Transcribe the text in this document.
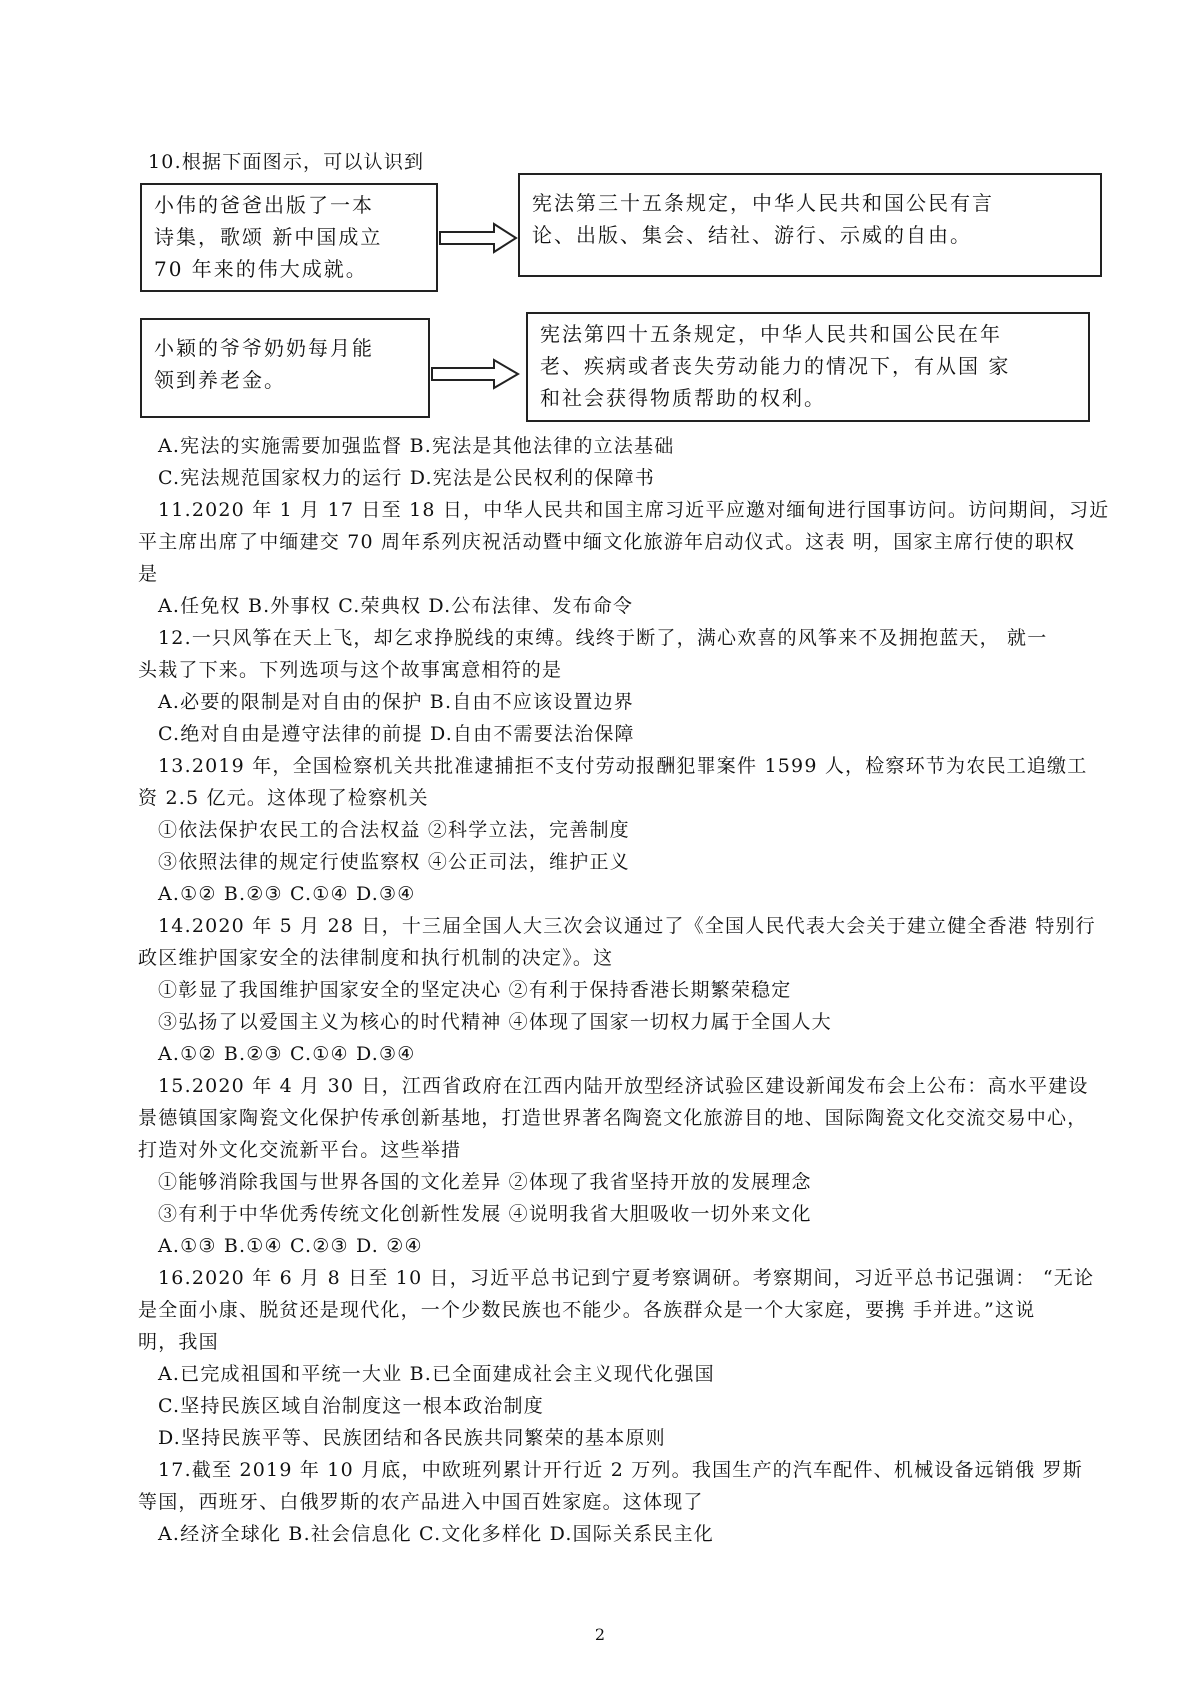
10.根据下面图示，可以认识到
小伟的爸爸出版了一本
诗集，歌颂 新中国成立
70 年来的伟大成就。
宪法第三十五条规定，中华人民共和国公民有言
论、出版、集会、结社、游行、示威的自由。
小颖的爷爷奶奶每月能
领到养老金。
宪法第四十五条规定，中华人民共和国公民在年
老、疾病或者丧失劳动能力的情况下，有从国 家
和社会获得物质帮助的权利。
A.宪法的实施需要加强监督 B.宪法是其他法律的立法基础
C.宪法规范国家权力的运行 D.宪法是公民权利的保障书
11.2020 年 1 月 17 日至 18 日，中华人民共和国主席习近平应邀对缅甸进行国事访问。访问期间，习近
平主席出席了中缅建交 70 周年系列庆祝活动暨中缅文化旅游年启动仪式。这表 明，国家主席行使的职权
是
A.任免权 B.外事权 C.荣典权 D.公布法律、发布命令
12.一只风筝在天上飞，却乞求挣脱线的束缚。线终于断了，满心欢喜的风筝来不及拥抱蓝天， 就一
头栽了下来。下列选项与这个故事寓意相符的是
A.必要的限制是对自由的保护 B.自由不应该设置边界
C.绝对自由是遵守法律的前提 D.自由不需要法治保障
13.2019 年，全国检察机关共批准逮捕拒不支付劳动报酬犯罪案件 1599 人，检察环节为农民工追缴工
资 2.5 亿元。这体现了检察机关
①依法保护农民工的合法权益 ②科学立法，完善制度
③依照法律的规定行使监察权 ④公正司法，维护正义
A.①② B.②③ C.①④ D.③④
14.2020 年 5 月 28 日，十三届全国人大三次会议通过了《全国人民代表大会关于建立健全香港 特别行
政区维护国家安全的法律制度和执行机制的决定》。这
①彰显了我国维护国家安全的坚定决心 ②有利于保持香港长期繁荣稳定
③弘扬了以爱国主义为核心的时代精神 ④体现了国家一切权力属于全国人大
A.①② B.②③ C.①④ D.③④
15.2020 年 4 月 30 日，江西省政府在江西内陆开放型经济试验区建设新闻发布会上公布：高水平建设
景德镇国家陶瓷文化保护传承创新基地，打造世界著名陶瓷文化旅游目的地、国际陶瓷文化交流交易中心，
打造对外文化交流新平台。这些举措
①能够消除我国与世界各国的文化差异 ②体现了我省坚持开放的发展理念
③有利于中华优秀传统文化创新性发展 ④说明我省大胆吸收一切外来文化
A.①③ B.①④ C.②③ D. ②④
16.2020 年 6 月 8 日至 10 日，习近平总书记到宁夏考察调研。考察期间，习近平总书记强调： “无论
是全面小康、脱贫还是现代化，一个少数民族也不能少。各族群众是一个大家庭，要携 手并进。”这说
明，我国
A.已完成祖国和平统一大业 B.已全面建成社会主义现代化强国
C.坚持民族区域自治制度这一根本政治制度
D.坚持民族平等、民族团结和各民族共同繁荣的基本原则
17.截至 2019 年 10 月底，中欧班列累计开行近 2 万列。我国生产的汽车配件、机械设备远销俄 罗斯
等国，西班牙、白俄罗斯的农产品进入中国百姓家庭。这体现了
A.经济全球化 B.社会信息化 C.文化多样化 D.国际关系民主化
2
